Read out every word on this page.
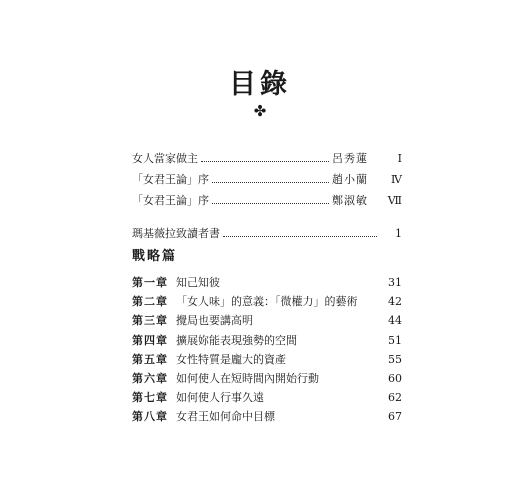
目錄
✤
女人當家做主	呂秀蓮	Ⅰ
「女君王論」序	趙小蘭	Ⅳ
「女君王論」序	鄭淑敏	Ⅶ
瑪基薇拉致讀者書	1
戰略篇
第一章 知己知彼	31
第二章 「女人味」的意義：「微權力」的藝術	42
第三章 攪局也要講高明	44
第四章 擴展妳能表現強勢的空間	51
第五章 女性特質是龐大的資產	55
第六章 如何使人在短時間內開始行動	60
第七章 如何使人行事久遠	62
第八章 女君王如何命中目標	67
